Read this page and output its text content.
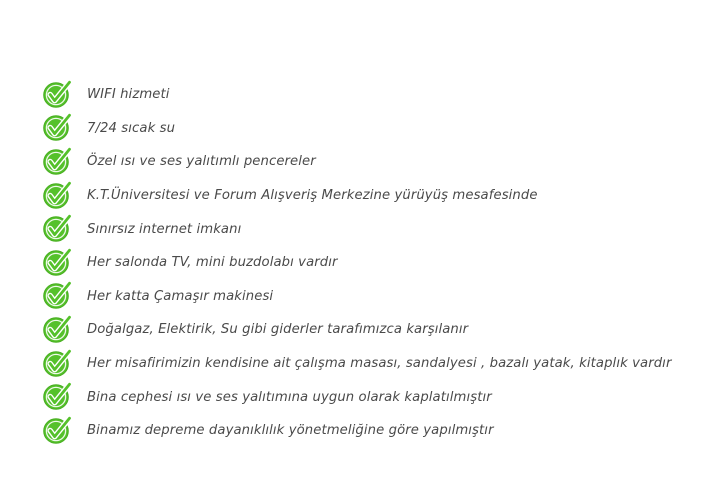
WIFI hizmeti
7/24 sıcak su
Özel ısı ve ses yalıtımlı pencereler
K.T.Üniversitesi ve Forum Alışveriş Merkezine yürüyüş mesafesinde
Sınırsız internet imkanı
Her salonda TV, mini buzdolabı vardır
Her katta Çamaşır makinesi
Doğalgaz, Elektirik, Su gibi giderler tarafımızca karşılanır
Her misafirimizin kendisine ait çalışma masası, sandalyesi , bazalı yatak, kitaplık vardır
Bina cephesi ısı ve ses yalıtımına uygun olarak kaplatılmıştır
Binamız depreme dayanıklılık yönetmeliğine göre yapılmıştır
